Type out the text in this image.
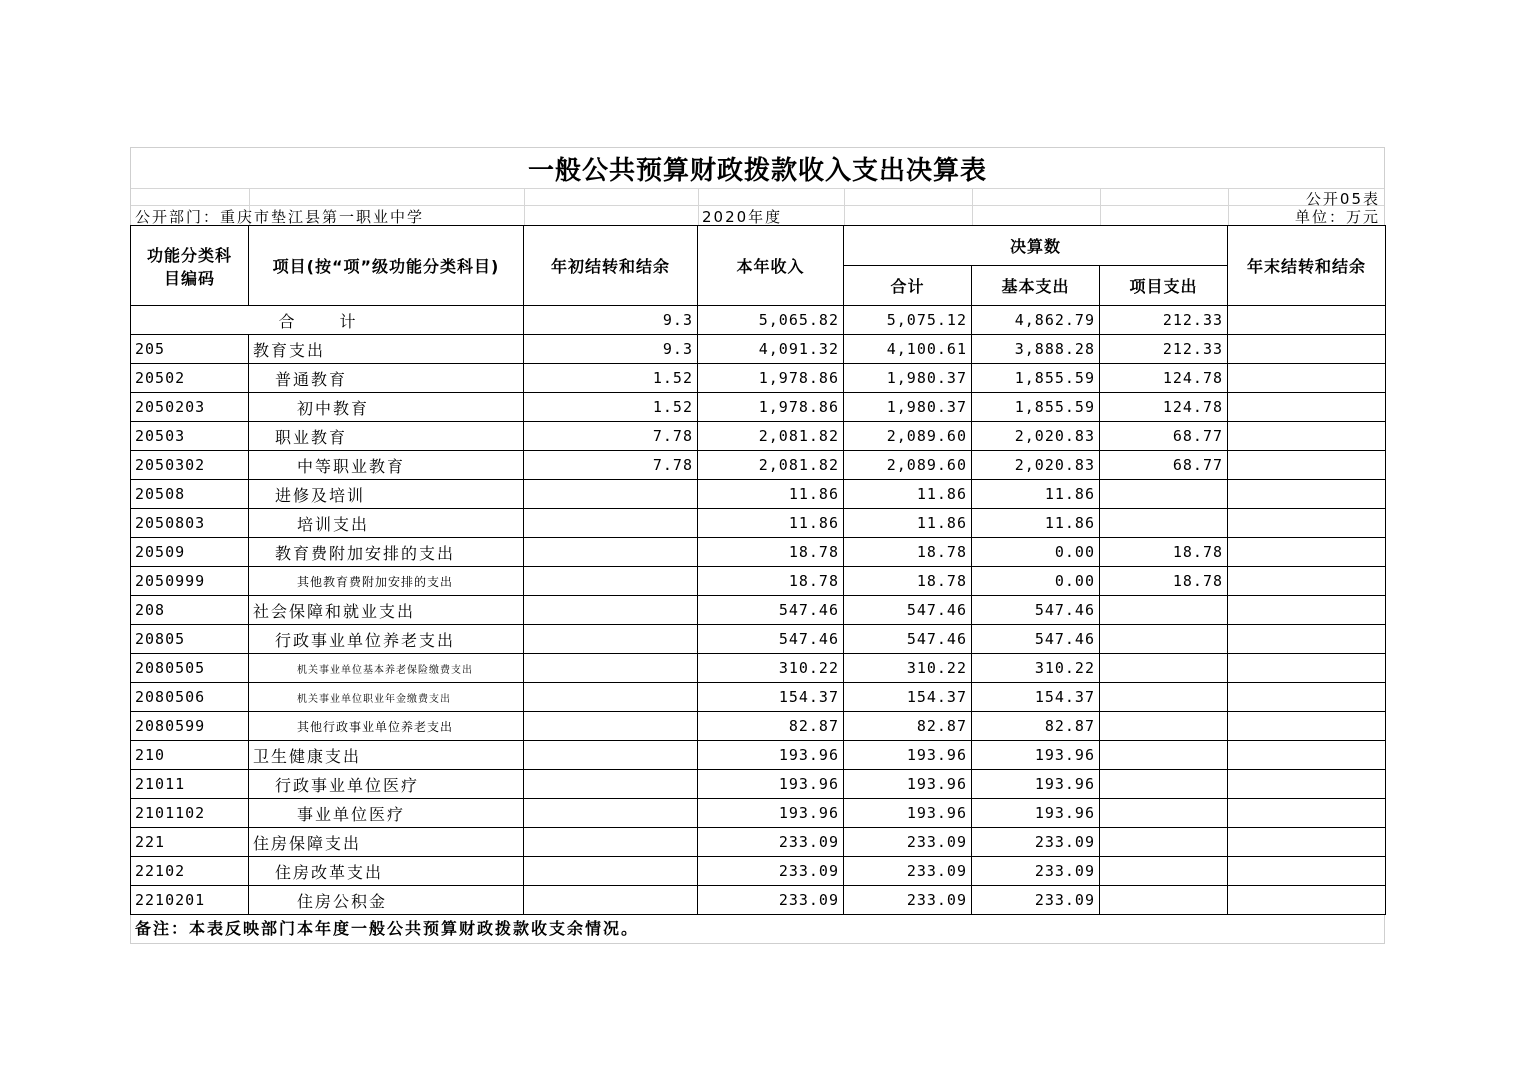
一般公共预算财政拨款收入支出决算表
公开05表
公开部门：重庆市垫江县第一职业中学	2020年度	单位：万元
功能分类科目编码	项目(按“项”级功能分类科目)	年初结转和结余	本年收入	决算数			年末结转和结余
				合计	基本支出	项目支出	
合 计		9.3	5,065.82	5,075.12	4,862.79	212.33	
205	教育支出	9.3	4,091.32	4,100.61	3,888.28	212.33	
20502	普通教育	1.52	1,978.86	1,980.37	1,855.59	124.78	
2050203	初中教育	1.52	1,978.86	1,980.37	1,855.59	124.78	
20503	职业教育	7.78	2,081.82	2,089.60	2,020.83	68.77	
2050302	中等职业教育	7.78	2,081.82	2,089.60	2,020.83	68.77	
20508	进修及培训		11.86	11.86	11.86		
2050803	培训支出		11.86	11.86	11.86		
20509	教育费附加安排的支出		18.78	18.78	0.00	18.78	
2050999	其他教育费附加安排的支出		18.78	18.78	0.00	18.78	
208	社会保障和就业支出		547.46	547.46	547.46		
20805	行政事业单位养老支出		547.46	547.46	547.46		
2080505	机关事业单位基本养老保险缴费支出		310.22	310.22	310.22		
2080506	机关事业单位职业年金缴费支出		154.37	154.37	154.37		
2080599	其他行政事业单位养老支出		82.87	82.87	82.87		
210	卫生健康支出		193.96	193.96	193.96		
21011	行政事业单位医疗		193.96	193.96	193.96		
2101102	事业单位医疗		193.96	193.96	193.96		
221	住房保障支出		233.09	233.09	233.09		
22102	住房改革支出		233.09	233.09	233.09		
2210201	住房公积金		233.09	233.09	233.09		
备注：本表反映部门本年度一般公共预算财政拨款收支余情况。
